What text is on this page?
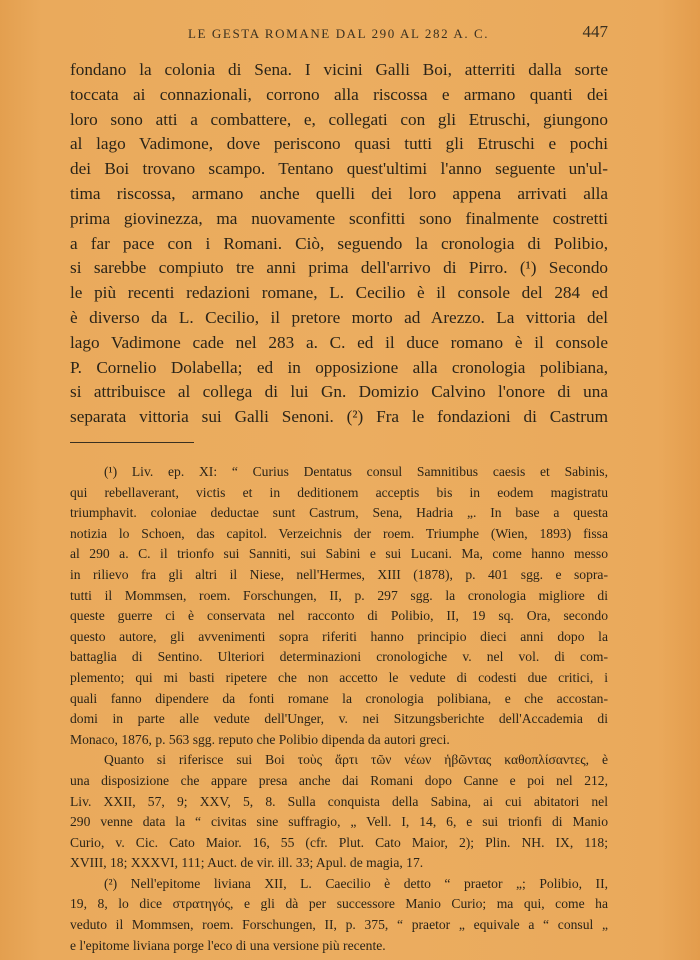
LE GESTA ROMANE DAL 290 AL 282 A. C.	447
fondano la colonia di Sena. I vicini Galli Boi, atterriti dalla sorte
toccata ai connazionali, corrono alla riscossa e armano quanti dei
loro sono atti a combattere, e, collegati con gli Etruschi, giungono
al lago Vadimone, dove periscono quasi tutti gli Etruschi e pochi
dei Boi trovano scampo. Tentano quest'ultimi l'anno seguente un'ul-
tima riscossa, armano anche quelli dei loro appena arrivati alla
prima giovinezza, ma nuovamente sconfitti sono finalmente costretti
a far pace con i Romani. Ciò, seguendo la cronologia di Polibio,
si sarebbe compiuto tre anni prima dell'arrivo di Pirro. (¹) Secondo
le più recenti redazioni romane, L. Cecilio è il console del 284 ed
è diverso da L. Cecilio, il pretore morto ad Arezzo. La vittoria del
lago Vadimone cade nel 283 a. C. ed il duce romano è il console
P. Cornelio Dolabella; ed in opposizione alla cronologia polibiana,
si attribuisce al collega di lui Gn. Domizio Calvino l'onore di una
separata vittoria sui Galli Senoni. (²) Fra le fondazioni di Castrum
(¹) Liv. ep. XI: “ Curius Dentatus consul Samnitibus caesis et Sabinis,
qui rebellaverant, victis et in deditionem acceptis bis in eodem magistratu
triumphavit. coloniae deductae sunt Castrum, Sena, Hadria „. In base a questa
notizia lo Schoen, das capitol. Verzeichnis der roem. Triumphe (Wien, 1893) fissa
al 290 a. C. il trionfo sui Sanniti, sui Sabini e sui Lucani. Ma, come hanno messo
in rilievo fra gli altri il Niese, nell'Hermes, XIII (1878), p. 401 sgg. e sopra-
tutti il Mommsen, roem. Forschungen, II, p. 297 sgg. la cronologia migliore di
queste guerre ci è conservata nel racconto di Polibio, II, 19 sq. Ora, secondo
questo autore, gli avvenimenti sopra riferiti hanno principio dieci anni dopo la
battaglia di Sentino. Ulteriori determinazioni cronologiche v. nel vol. di com-
plemento; qui mi basti ripetere che non accetto le vedute di codesti due critici, i
quali fanno dipendere da fonti romane la cronologia polibiana, e che accostan-
domi in parte alle vedute dell'Unger, v. nei Sitzungsberichte dell'Accademia di
Monaco, 1876, p. 563 sgg. reputo che Polibio dipenda da autori greci.
Quanto si riferisce sui Boi τοὺς ἄρτι τῶν νέων ἡβῶντας καθοπλίσαντες, è
una disposizione che appare presa anche dai Romani dopo Canne e poi nel 212,
Liv. XXII, 57, 9; XXV, 5, 8. Sulla conquista della Sabina, ai cui abitatori nel
290 venne data la “ civitas sine suffragio, „ Vell. I, 14, 6, e sui trionfi di Manio
Curio, v. Cic. Cato Maior. 16, 55 (cfr. Plut. Cato Maior, 2); Plin. NH. IX, 118;
XVIII, 18; XXXVI, 111; Auct. de vir. ill. 33; Apul. de magia, 17.
(²) Nell'epitome liviana XII, L. Caecilio è detto “ praetor „; Polibio, II,
19, 8, lo dice στρατηγός, e gli dà per successore Manio Curio; ma qui, come ha
veduto il Mommsen, roem. Forschungen, II, p. 375, “ praetor „ equivale a “ consul „
e l'epitome liviana porge l'eco di una versione più recente.
